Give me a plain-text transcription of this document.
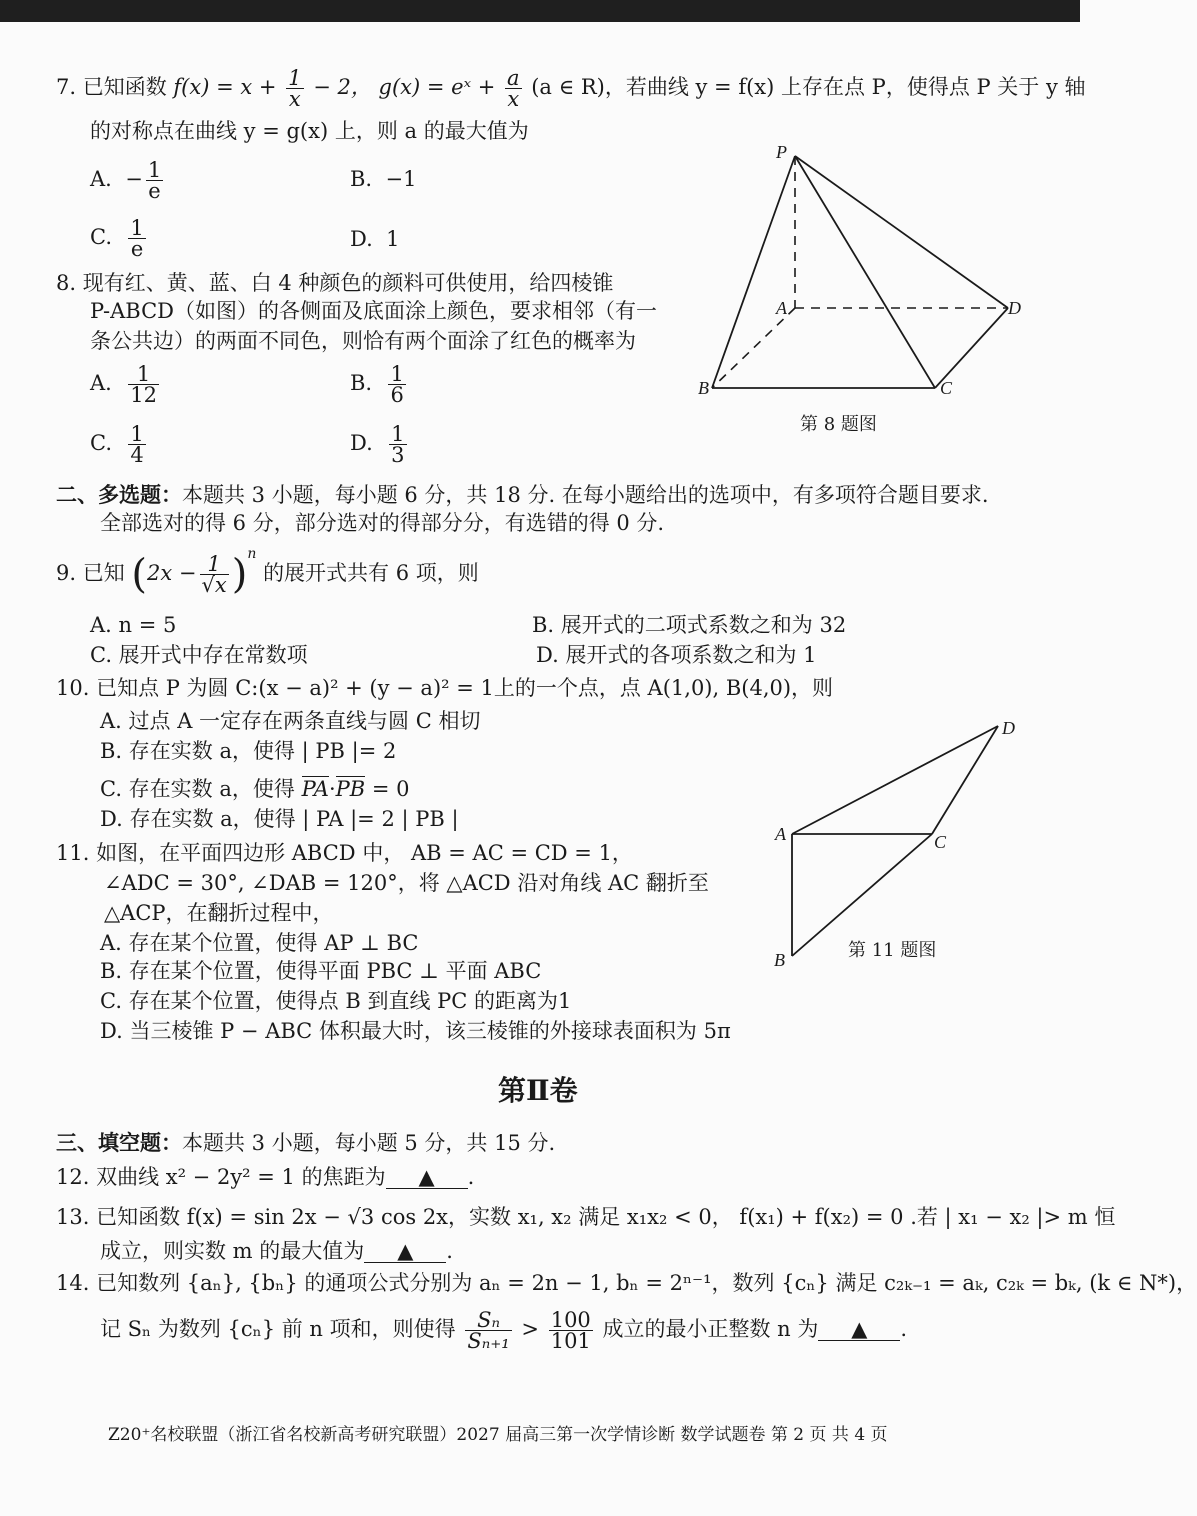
7. 已知函数 $f(x) = x + \frac{1}{x} - 2$， g(x) = eˣ + $\frac{a}{x} (a$ ∈ R)，若曲线 y = f(x) 上存在点 P，使得点 P 关于 y 轴
的对称点在曲线 y = g(x) 上，则 a 的最大值为
A. − $\frac{1}{e}$	B. −1
C. $\frac{1}{e}$	D. 1
P
A
B	C
D
第 8 题图
8. 现有红、黄、蓝、白 4 种颜色的颜料可供使用，给四棱锥
P-ABCD（如图）的各侧面及底面涂上颜色，要求相邻（有一
条公共边）的两面不同色，则恰有两个面涂了红色的概率为
A. $\frac{1}{12}$	B. $\frac{1}{6}$
C. $\frac{1}{4}$	D. $\frac{1}{3}$
二、多选题：本题共 3 小题，每小题 6 分，共 18 分. 在每小题给出的选项中，有多项符合题目要求.
全部选对的得 6 分，部分选对的得部分分，有选错的得 0 分.
9. 已知 $(2x - \frac{1}{√x} )^n$ 的展开式共有 6 项，则
A. n = 5	B. 展开式的二项式系数之和为 32
C. 展开式中存在常数项	D. 展开式的各项系数之和为 1
10. 已知点 P 为圆 C:(x − a)² + (y − a)² = 1上的一个点，点 A(1,0), B(4,0)，则
A. 过点 A 一定存在两条直线与圆 C 相切
B. 存在实数 a，使得 | PB |= 2
C. 存在实数 a，使得 PA·PB = 0
D. 存在实数 a，使得 | PA |= 2 | PB |
A
B
C
D
第 11 题图
11. 如图，在平面四边形 ABCD 中， AB = AC = CD = 1，
∠ADC = 30°, ∠DAB = 120°，将 △ACD 沿对角线 AC 翻折至
△ACP，在翻折过程中，
A. 存在某个位置，使得 AP ⊥ BC
B. 存在某个位置，使得平面 PBC ⊥ 平面 ABC
C. 存在某个位置，使得点 B 到直线 PC 的距离为1
D. 当三棱锥 P − ABC 体积最大时，该三棱锥的外接球表面积为 5π
第Ⅱ卷
三、填空题：本题共 3 小题，每小题 5 分，共 15 分.
12. 双曲线 x² − 2y² = 1 的焦距为 ▲ .
13. 已知函数 f(x) = sin 2x − √3 cos 2x，实数 x₁, x₂ 满足 x₁x₂ < 0， f(x₁) + f(x₂) = 0 .若 | x₁ − x₂ |> m 恒
成立，则实数 m 的最大值为 ▲ .
14. 已知数列 {aₙ}, {bₙ} 的通项公式分别为 aₙ = 2n − 1, bₙ = 2ⁿ⁻¹，数列 {cₙ} 满足 c₂ₖ₋₁ = aₖ, c₂ₖ = bₖ, (k ∈ N*)，
记 Sₙ 为数列 {cₙ} 前 n 项和，则使得 $\frac{\text{Sₙ}}{\text{Sₙ₊₁}} > \frac{100}{101}$ 成立的最小正整数 n 为 ▲ .
Z20⁺名校联盟（浙江省名校新高考研究联盟）2027 届高三第一次学情诊断 数学试题卷 第 2 页 共 4 页
